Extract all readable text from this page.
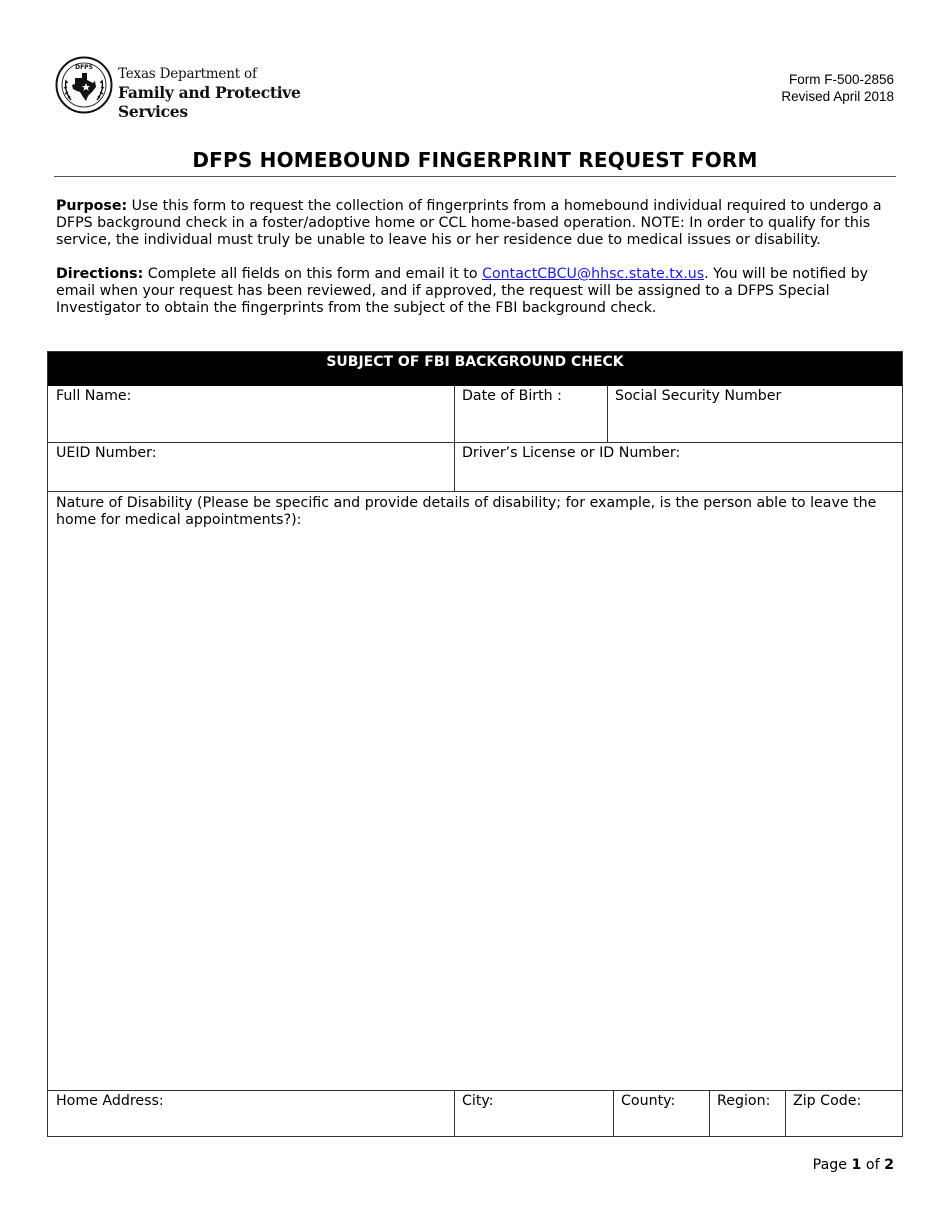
DFPS Texas Department of
Family and Protective Services
Form F-500-2856
Revised April 2018
DFPS HOMEBOUND FINGERPRINT REQUEST FORM

Purpose: Use this form to request the collection of fingerprints from a homebound individual required to undergo a DFPS background check in a foster/adoptive home or CCL home-based operation. NOTE: In order to qualify for this service, the individual must truly be unable to leave his or her residence due to medical issues or disability.

Directions: Complete all fields on this form and email it to ContactCBCU@hhsc.state.tx.us. You will be notified by email when your request has been reviewed, and if approved, the request will be assigned to a DFPS Special Investigator to obtain the fingerprints from the subject of the FBI background check.

SUBJECT OF FBI BACKGROUND CHECK
Full Name:	Date of Birth :	Social Security Number
UEID Number:	Driver’s License or ID Number:
Nature of Disability (Please be specific and provide details of disability; for example, is the person able to leave the home for medical appointments?):
Home Address:	City:	County:	Region:	Zip Code:
Page 1 of 2
